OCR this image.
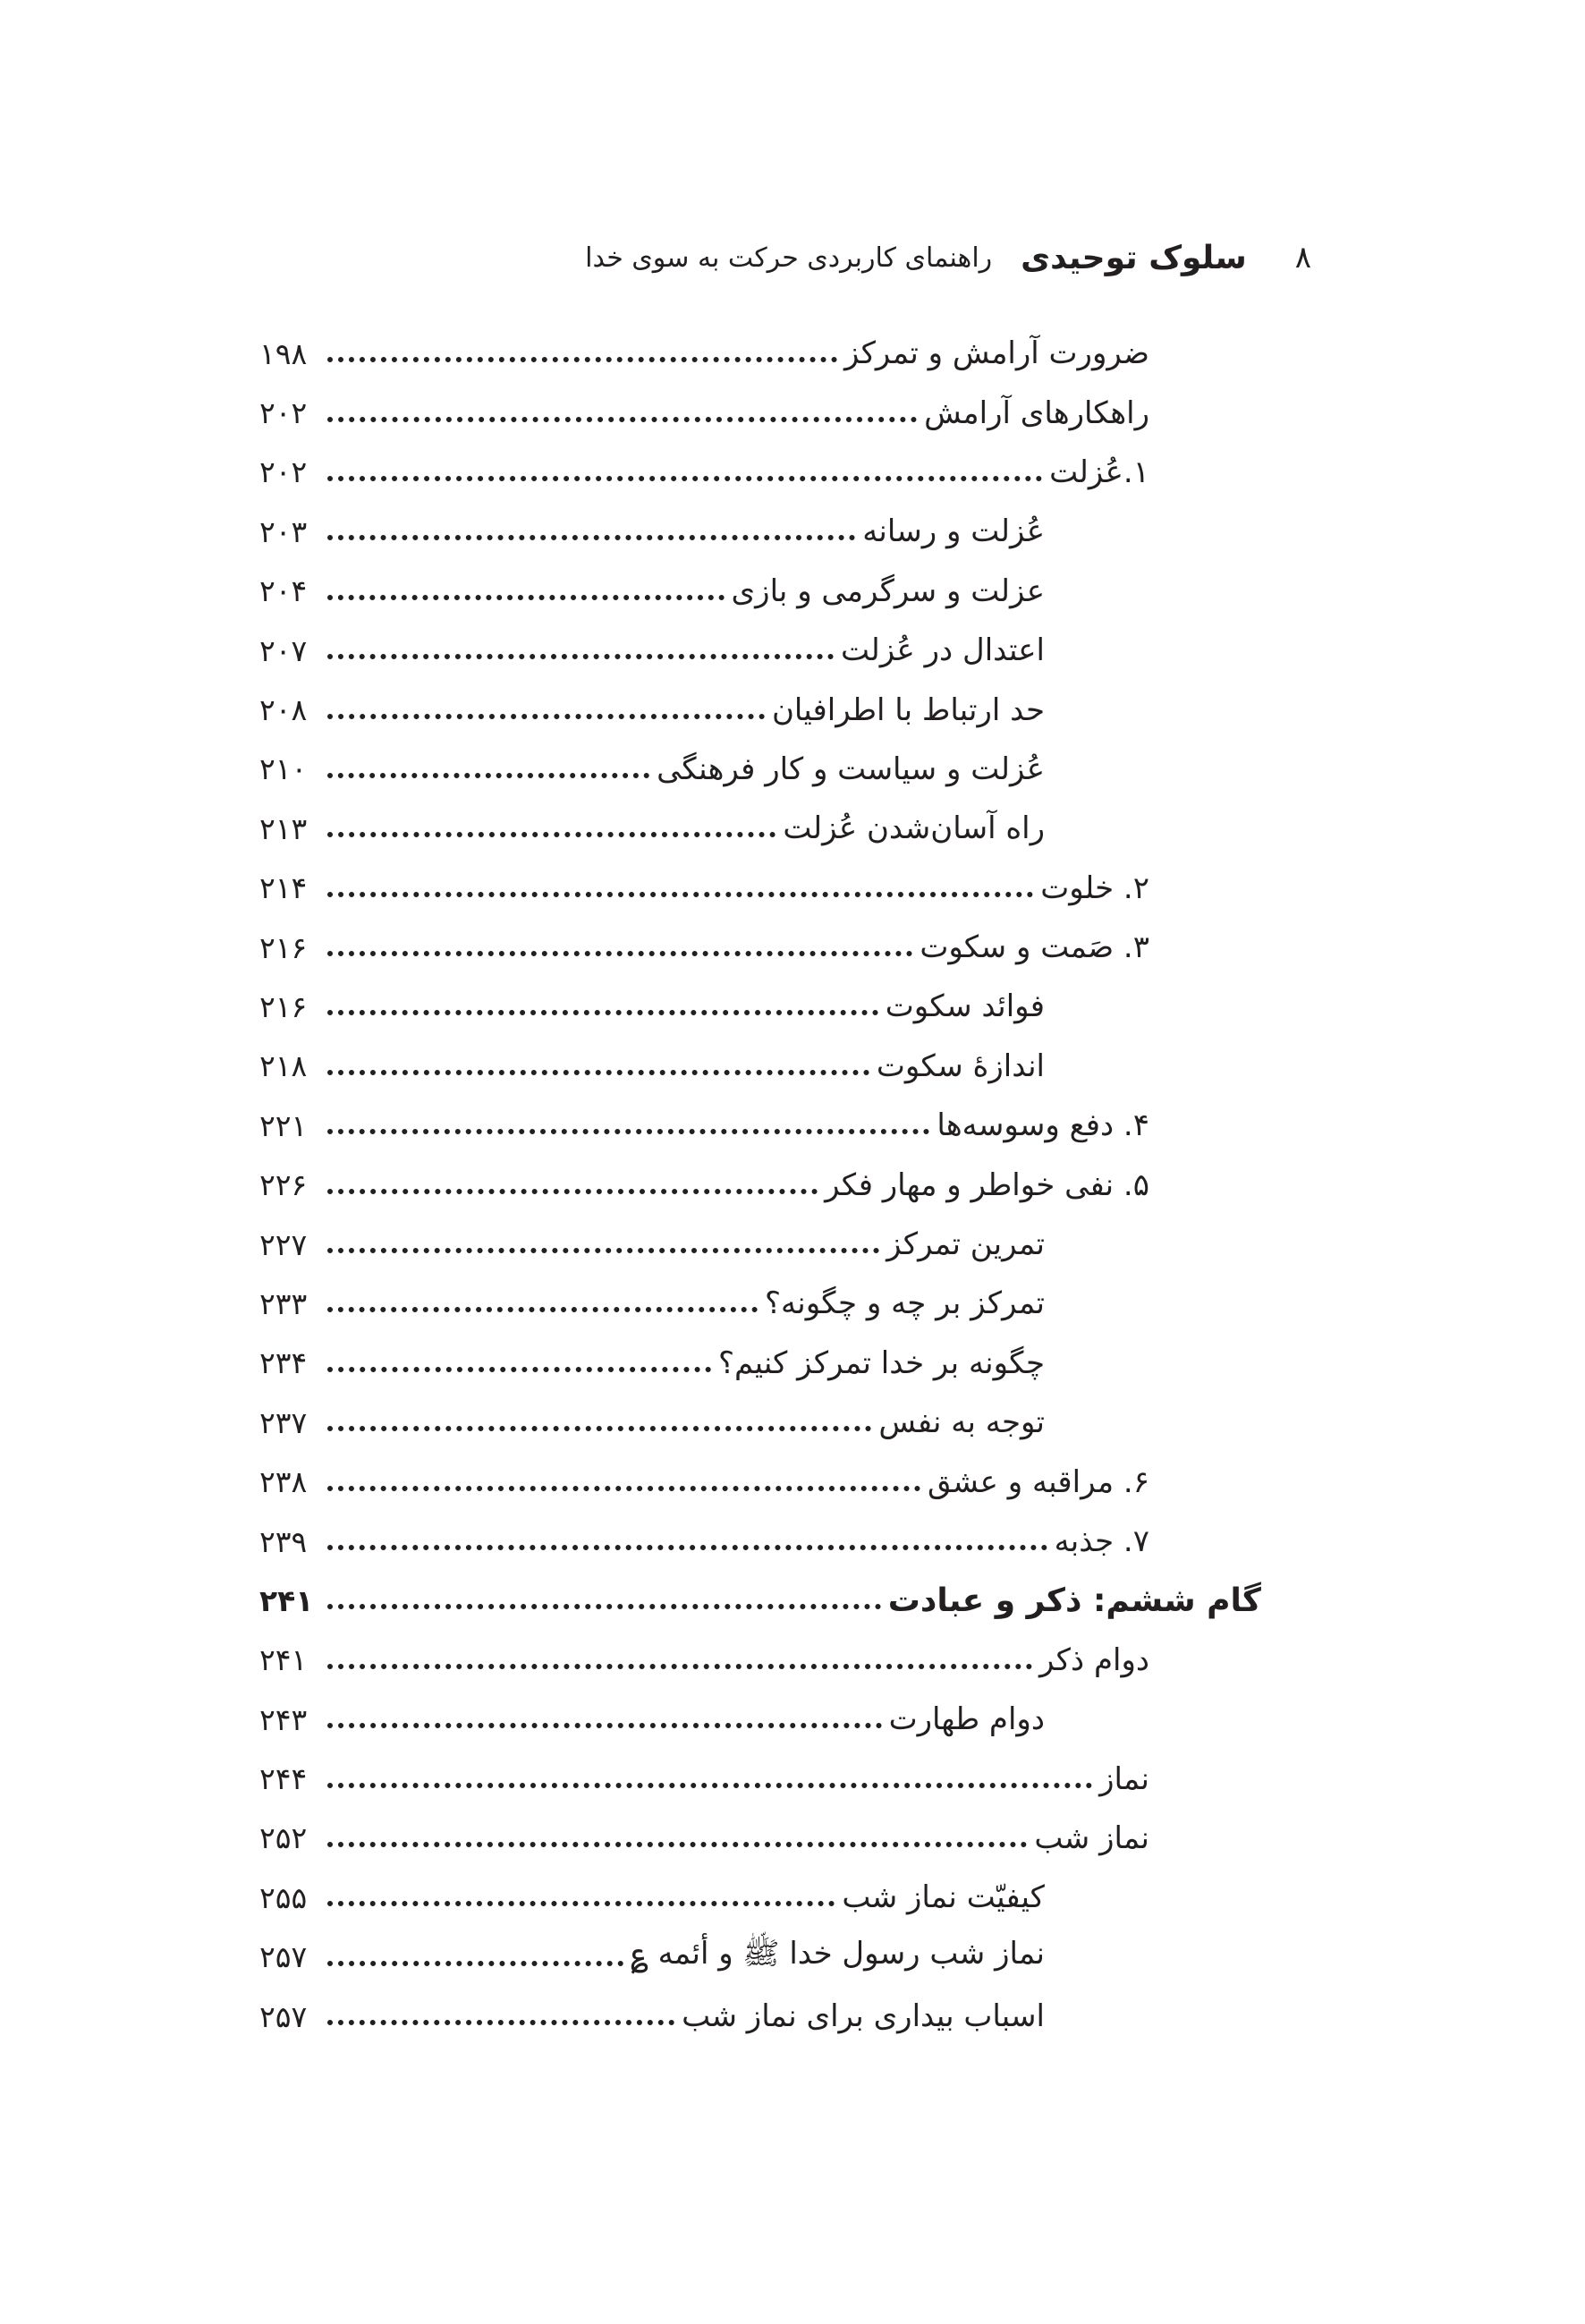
راهنمای کاربردی حرکت به سوی خدا سلوک توحیدی ۸
۱۹۸	ضرورت آرامش و تمرکز
۲۰۲	راهکارهای آرامش
۲۰۲	۱.عُزلت
۲۰۳	عُزلت و رسانه
۲۰۴	عزلت و سرگرمی و بازی
۲۰۷	اعتدال در عُزلت
۲۰۸	حد ارتباط با اطرافیان
۲۱۰	عُزلت و سیاست و کار فرهنگی
۲۱۳	راه آسان‌شدن عُزلت
۲۱۴	۲. خلوت
۲۱۶	۳. صَمت و سکوت
۲۱۶	فوائد سکوت
۲۱۸	اندازهٔ سکوت
۲۲۱	۴. دفع وسوسه‌ها
۲۲۶	۵. نفی خواطر و مهار فکر
۲۲۷	تمرین تمرکز
۲۳۳	تمرکز بر چه و چگونه؟
۲۳۴	چگونه بر خدا تمرکز کنیم؟
۲۳۷	توجه به نفس
۲۳۸	۶. مراقبه و عشق
۲۳۹	۷. جذبه
۲۴۱	گام ششم: ذکر و عبادت
۲۴۱	دوام ذکر
۲۴۳	دوام طهارت
۲۴۴	نماز
۲۵۲	نماز شب
۲۵۵	کیفیّت نماز شب
۲۵۷	نماز شب رسول خدا ﷺ و أئمه ؏
۲۵۷	اسباب بیداری برای نماز شب
